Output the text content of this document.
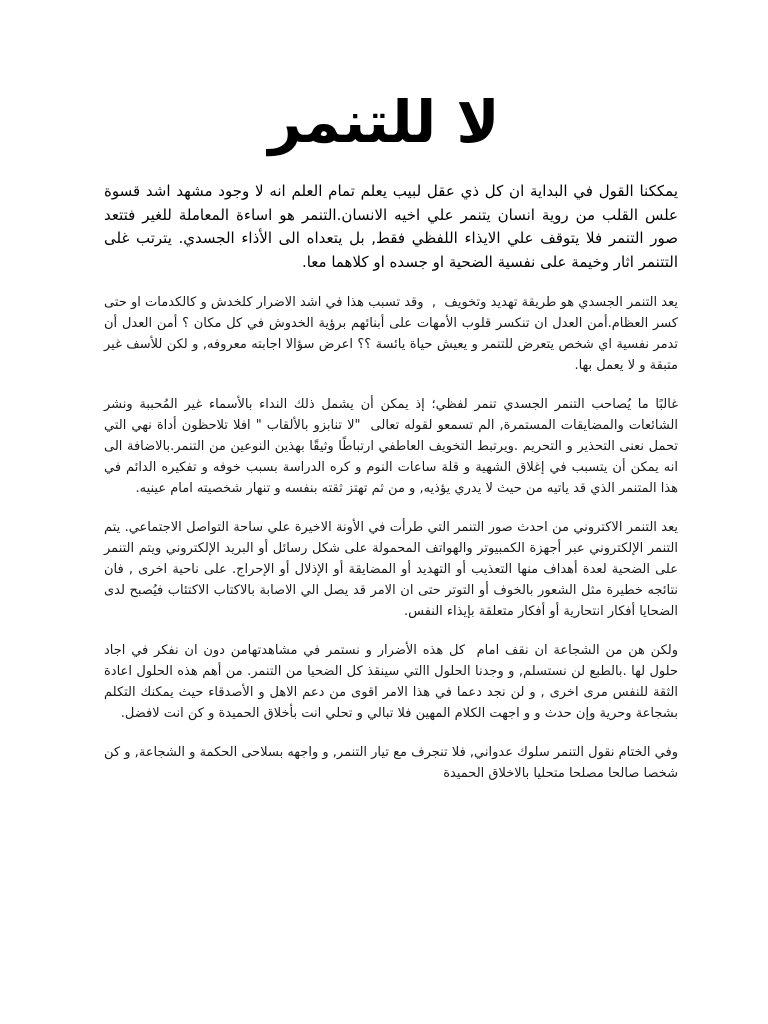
لا للتنمر

يمككنا القول في البداية ان كل ذي عقل لبيب يعلم تمام العلم انه لا وجود مشهد اشد قسوة علس القلب من روية انسان يتنمر علي اخيه الانسان.التنمر هو اساءة المعاملة للغير فتتعد صور التنمر فلا يتوقف علي الايذاء اللفظي فقط, بل يتعداه الى الأذاء الجسدي. يترتب غلى التتنمر اثار وخيمة على نفسية الضحية او جسده او كلاهما معا.

يعد التنمر الجسدي هو طريقة تهديد وتخويف  ,  وقد تسبب هذا في اشد الاضرار كلخدش و كالكدمات او حتى كسر العظام.أمن العدل ان تنكسر قلوب الأمهات على أبنائهم برؤية الخدوش في كل مكان ؟ أمن العدل أن تدمر نفسية اي شخص يتعرض للتنمر و يعيش حياة يائسة ؟؟ اعرض سؤالا اجابته معروفه, و لكن للأسف غير متبقة و لا يعمل بها.

غالبًا ما يُصاحب التنمر الجسدي تنمر لفظي؛ إذ يمكن أن يشمل ذلك النداء بالأسماء غير المُحببة ونشر الشائعات والمضايقات المستمرة, الم تسمعو لقوله تعالى  "لا تنابزو بالألقاب " افلا تلاحظون أداة نهي التي تحمل نعنى التحذير و التحريم .ويرتبط التخويف العاطفي ارتباطًا وثيقًا بهذين النوعين من التنمر.بالاضافة الى انه يمكن أن يتسبب في إغلاق الشهية و قلة ساعات النوم و كره الدراسة بسبب خوفه و تفكيره الدائم في هذا المتنمر الذي قد ياتيه من حيث لا يدري يؤذيه, و من ثم تهتز ثقته بنفسه و تنهار شخصيته امام عينيه.

يعد التنمر الاكتروني من احدث صور التنمر التي طرأت في الأونة الاخيرة علي ساحة التواصل الاجتماعي. يتم التنمر الإلكتروني عبر أجهزة الكمبيوتر والهواتف المحمولة على شكل رسائل أو البريد الإلكتروني ويتم التنمر على الضحية لعدة أهداف منها التعذيب أو التهديد أو المضايقة أو الإذلال أو الإحراج. على ناحية اخرى , فان نتائجه خطيرة مثل الشعور بالخوف أو التوتر حتى ان الامر قد يصل الي الاصابة بالاكتاب الاكتئاب فيُصبح لدى الضحايا أفكار انتحارية أو أفكار متعلقة بإيذاء النفس.

ولكن هن من الشجاعة ان نقف امام  كل هذه الأضرار و نستمر في مشاهدتهامن دون ان نفكر في اجاد حلول لها .بالطبع لن نستسلم, و وجدنا الحلول االتي سينقذ كل الضحيا من التنمر. من أهم هذه الحلول اعادة  الثقة للنفس مرى اخرى , و لن نجد دعما في هذا الامر اقوى من دعم الاهل و الأصدقاء حيث يمكنك التكلم بشجاعة وحرية وإن حدث و و اجهت الكلام المهين فلا تبالي و تحلي انت بأخلاق الحميدة و كن انت لافضل.

وفي الختام نقول التنمر سلوك عدواني, فلا تنجرف مع تيار التنمر, و واجهه بسلاحى الحكمة و الشجاعة, و كن شخصا صالحا مصلحا متحليا بالاخلاق الحميدة
